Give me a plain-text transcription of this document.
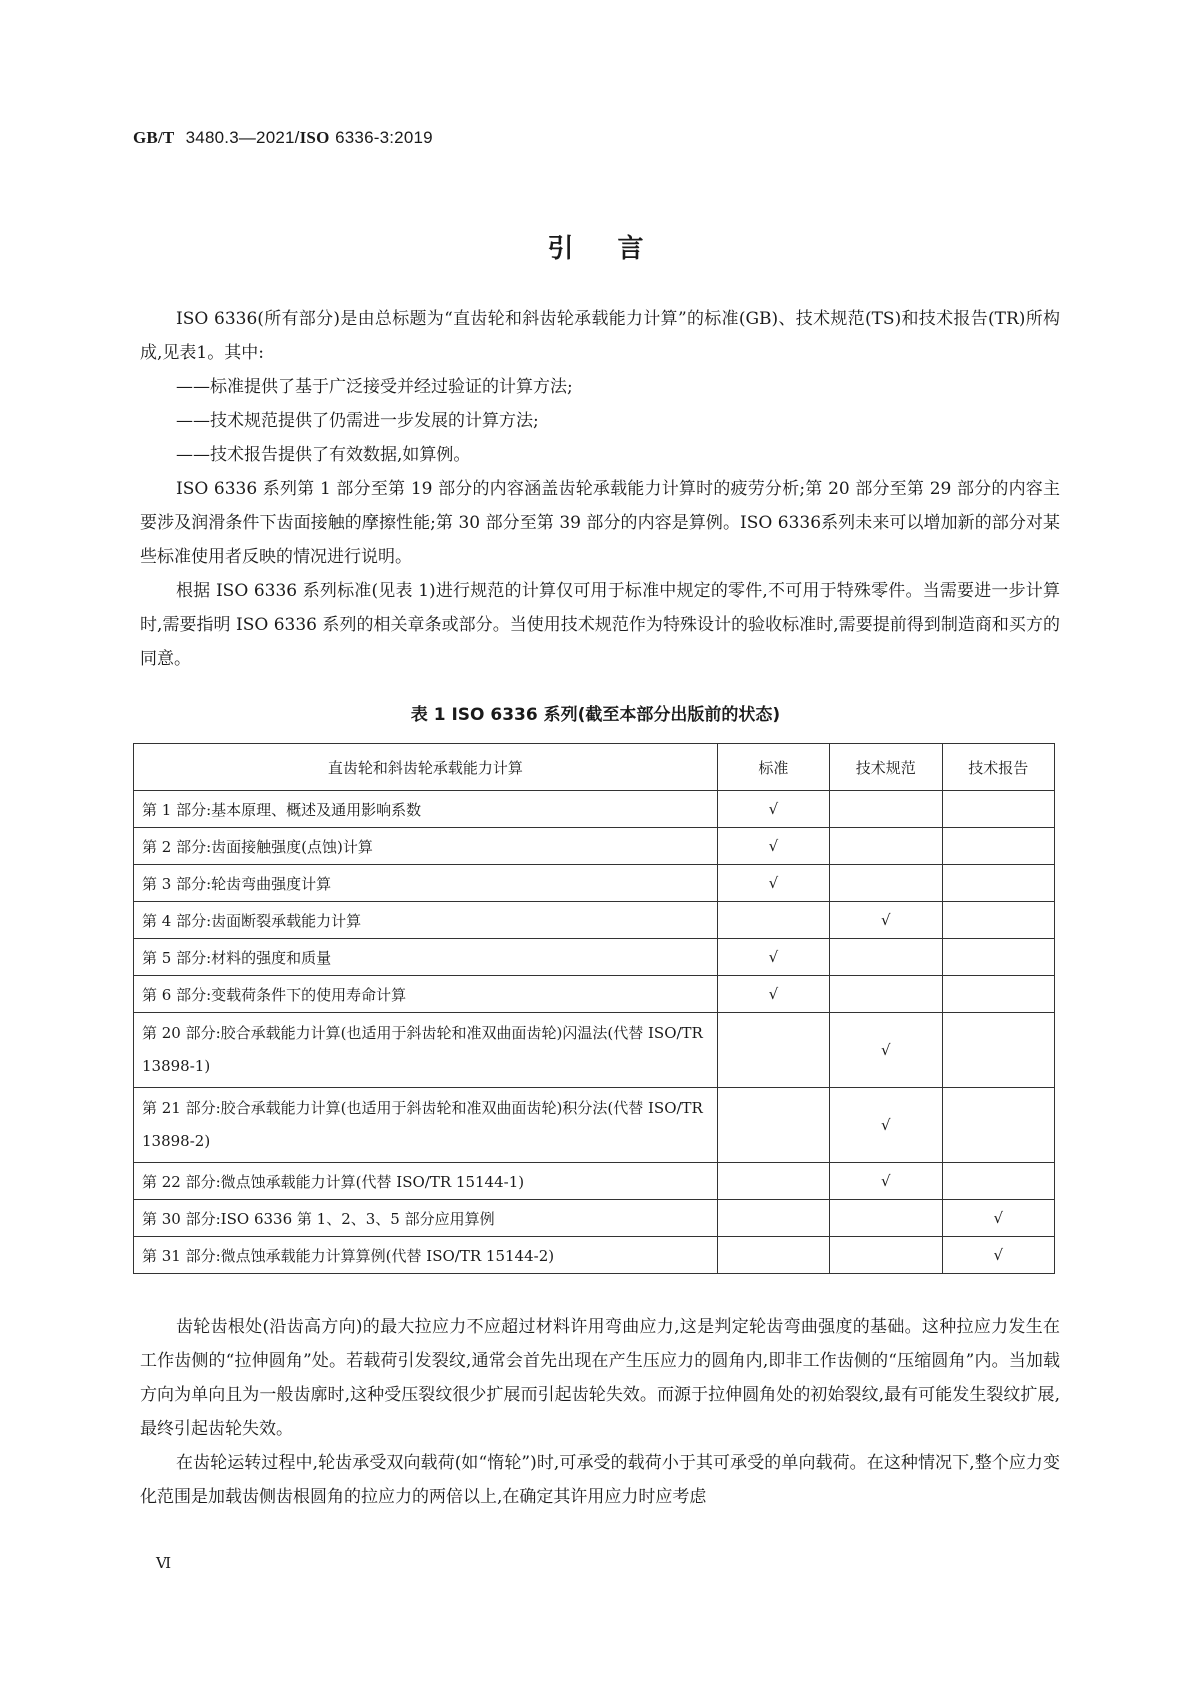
GB/T 3480.3—2021/ISO 6336-3:2019
引言
ISO 6336(所有部分)是由总标题为“直齿轮和斜齿轮承载能力计算”的标准(GB)、技术规范(TS)和技术报告(TR)所构成,见表1。其中:
——标准提供了基于广泛接受并经过验证的计算方法;
——技术规范提供了仍需进一步发展的计算方法;
——技术报告提供了有效数据,如算例。
ISO 6336 系列第 1 部分至第 19 部分的内容涵盖齿轮承载能力计算时的疲劳分析;第 20 部分至第 29 部分的内容主要涉及润滑条件下齿面接触的摩擦性能;第 30 部分至第 39 部分的内容是算例。ISO 6336系列未来可以增加新的部分对某些标准使用者反映的情况进行说明。
根据 ISO 6336 系列标准(见表 1)进行规范的计算仅可用于标准中规定的零件,不可用于特殊零件。当需要进一步计算时,需要指明 ISO 6336 系列的相关章条或部分。当使用技术规范作为特殊设计的验收标准时,需要提前得到制造商和买方的同意。
表 1 ISO 6336 系列(截至本部分出版前的状态)
直齿轮和斜齿轮承载能力计算	标准	技术规范	技术报告
第 1 部分:基本原理、概述及通用影响系数	√		
第 2 部分:齿面接触强度(点蚀)计算	√		
第 3 部分:轮齿弯曲强度计算	√		
第 4 部分:齿面断裂承载能力计算		√	
第 5 部分:材料的强度和质量	√		
第 6 部分:变载荷条件下的使用寿命计算	√		
第 20 部分:胶合承载能力计算(也适用于斜齿轮和准双曲面齿轮)闪温法(代替 ISO/TR 13898-1)		√	
第 21 部分:胶合承载能力计算(也适用于斜齿轮和准双曲面齿轮)积分法(代替 ISO/TR 13898-2)		√	
第 22 部分:微点蚀承载能力计算(代替 ISO/TR 15144-1)		√	
第 30 部分:ISO 6336 第 1、2、3、5 部分应用算例			√
第 31 部分:微点蚀承载能力计算算例(代替 ISO/TR 15144-2)			√
齿轮齿根处(沿齿高方向)的最大拉应力不应超过材料许用弯曲应力,这是判定轮齿弯曲强度的基础。这种拉应力发生在工作齿侧的“拉伸圆角”处。若载荷引发裂纹,通常会首先出现在产生压应力的圆角内,即非工作齿侧的“压缩圆角”内。当加载方向为单向且为一般齿廓时,这种受压裂纹很少扩展而引起齿轮失效。而源于拉伸圆角处的初始裂纹,最有可能发生裂纹扩展,最终引起齿轮失效。
在齿轮运转过程中,轮齿承受双向载荷(如“惰轮”)时,可承受的载荷小于其可承受的单向载荷。在这种情况下,整个应力变化范围是加载齿侧齿根圆角的拉应力的两倍以上,在确定其许用应力时应考虑
Ⅵ
